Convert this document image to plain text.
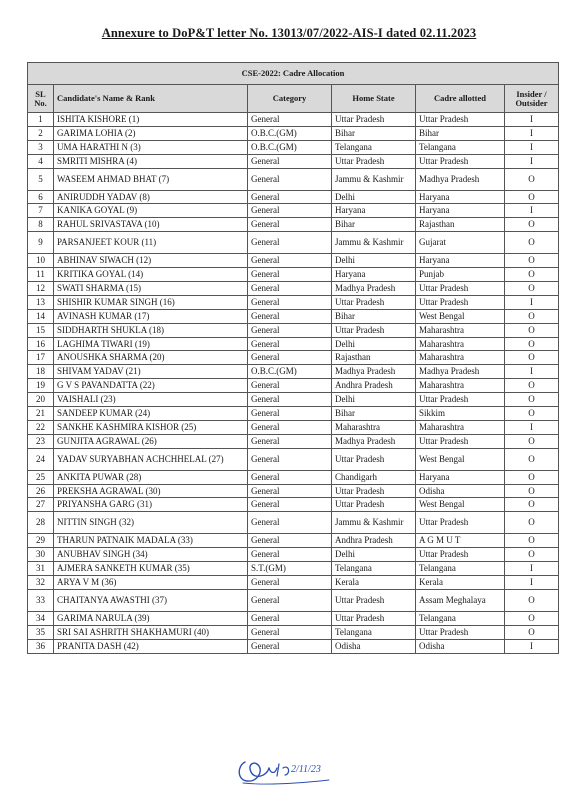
Annexure to DoP&T letter No. 13013/07/2022-AIS-I dated 02.11.2023
CSE-2022: Cadre Allocation					
SL No.	Candidate's Name & Rank	Category	Home State	Cadre allotted	Insider / Outsider
1	ISHITA KISHORE (1)	General	Uttar Pradesh	Uttar Pradesh	I
2	GARIMA LOHIA (2)	O.B.C.(GM)	Bihar	Bihar	I
3	UMA HARATHI N (3)	O.B.C.(GM)	Telangana	Telangana	I
4	SMRITI MISHRA (4)	General	Uttar Pradesh	Uttar Pradesh	I
5	WASEEM AHMAD BHAT (7)	General	Jammu & Kashmir	Madhya Pradesh	O
6	ANIRUDDH YADAV (8)	General	Delhi	Haryana	O
7	KANIKA GOYAL (9)	General	Haryana	Haryana	I
8	RAHUL SRIVASTAVA (10)	General	Bihar	Rajasthan	O
9	PARSANJEET KOUR (11)	General	Jammu & Kashmir	Gujarat	O
10	ABHINAV SIWACH (12)	General	Delhi	Haryana	O
11	KRITIKA GOYAL (14)	General	Haryana	Punjab	O
12	SWATI SHARMA (15)	General	Madhya Pradesh	Uttar Pradesh	O
13	SHISHIR KUMAR SINGH (16)	General	Uttar Pradesh	Uttar Pradesh	I
14	AVINASH KUMAR (17)	General	Bihar	West Bengal	O
15	SIDDHARTH SHUKLA (18)	General	Uttar Pradesh	Maharashtra	O
16	LAGHIMA TIWARI (19)	General	Delhi	Maharashtra	O
17	ANOUSHKA SHARMA (20)	General	Rajasthan	Maharashtra	O
18	SHIVAM YADAV (21)	O.B.C.(GM)	Madhya Pradesh	Madhya Pradesh	I
19	G V S PAVANDATTA (22)	General	Andhra Pradesh	Maharashtra	O
20	VAISHALI (23)	General	Delhi	Uttar Pradesh	O
21	SANDEEP KUMAR (24)	General	Bihar	Sikkim	O
22	SANKHE KASHMIRA KISHOR (25)	General	Maharashtra	Maharashtra	I
23	GUNJITA AGRAWAL (26)	General	Madhya Pradesh	Uttar Pradesh	O
24	YADAV SURYABHAN ACHCHHELAL (27)	General	Uttar Pradesh	West Bengal	O
25	ANKITA PUWAR (28)	General	Chandigarh	Haryana	O
26	PREKSHA AGRAWAL (30)	General	Uttar Pradesh	Odisha	O
27	PRIYANSHA GARG (31)	General	Uttar Pradesh	West Bengal	O
28	NITTIN SINGH (32)	General	Jammu & Kashmir	Uttar Pradesh	O
29	THARUN PATNAIK MADALA (33)	General	Andhra Pradesh	A G M U T	O
30	ANUBHAV SINGH (34)	General	Delhi	Uttar Pradesh	O
31	AJMERA SANKETH KUMAR (35)	S.T.(GM)	Telangana	Telangana	I
32	ARYA V M (36)	General	Kerala	Kerala	I
33	CHAITANYA AWASTHI (37)	General	Uttar Pradesh	Assam Meghalaya	O
34	GARIMA NARULA (39)	General	Uttar Pradesh	Telangana	O
35	SRI SAI ASHRITH SHAKHAMURI (40)	General	Telangana	Uttar Pradesh	O
36	PRANITA DASH (42)	General	Odisha	Odisha	I
2/11/23
